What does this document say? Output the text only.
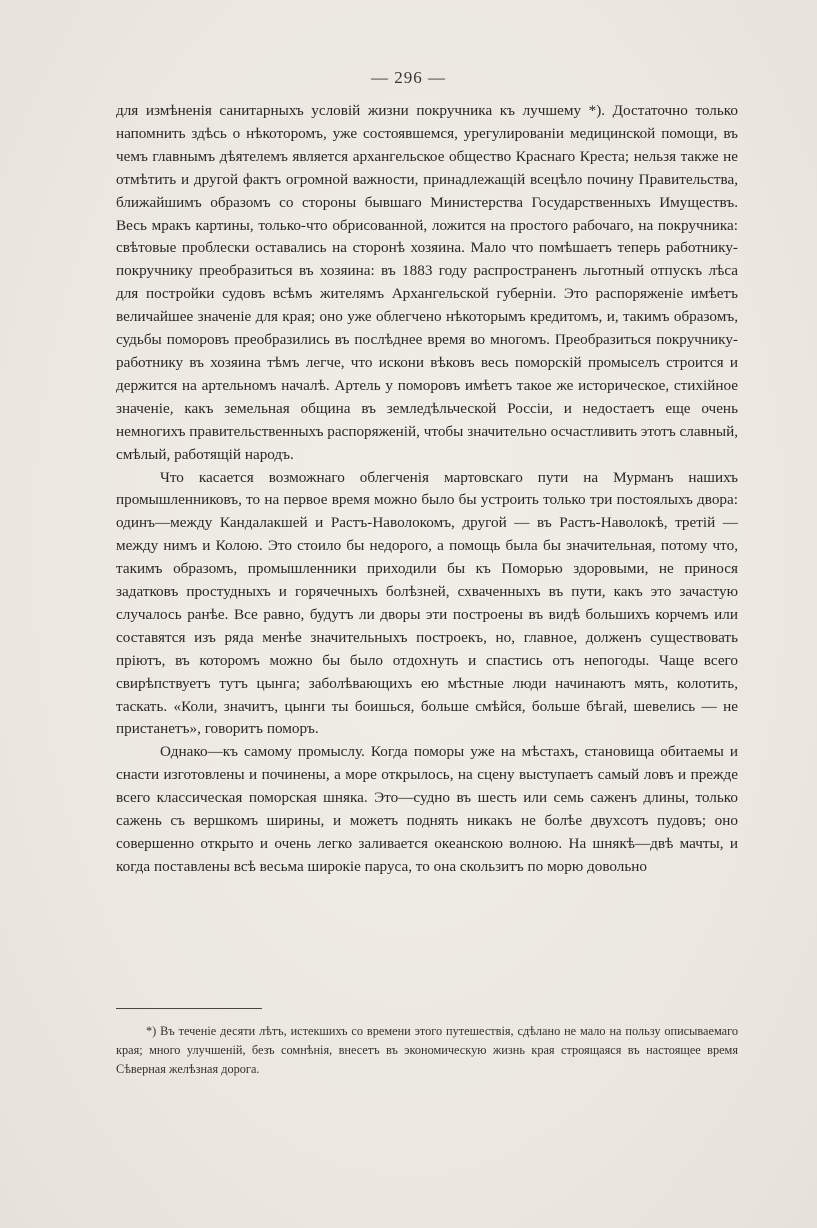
— 296 —

для измѣненія санитарныхъ условій жизни покручника къ лучшему *). Достаточно только напомнить здѣсь о нѣкоторомъ, уже состоявшемся, урегулированіи медицинской помощи, въ чемъ главнымъ дѣятелемъ является архангельское общество Краснаго Креста; нельзя также не отмѣтить и другой фактъ огромной важности, принадлежащій всецѣло почину Правительства, ближайшимъ образомъ со стороны бывшаго Министерства Государственныхъ Имуществъ. Весь мракъ картины, только-что обрисованной, ложится на простого рабочаго, на покручника: свѣтовые проблески оставались на сторонѣ хозяина. Мало что помѣшаетъ теперь работнику-покручнику преобразиться въ хозяина: въ 1883 году распространенъ льготный отпускъ лѣса для постройки судовъ всѣмъ жителямъ Архангельской губерніи. Это распоряженіе имѣетъ величайшее значеніе для края; оно уже облегчено нѣкоторымъ кредитомъ, и, такимъ образомъ, судьбы поморовъ преобразились въ послѣднее время во многомъ. Преобразиться покручнику-работнику въ хозяина тѣмъ легче, что искони вѣковъ весь поморскій промыселъ строится и держится на артельномъ началѣ. Артель у поморовъ имѣетъ такое же историческое, стихійное значеніе, какъ земельная община въ земледѣльческой Россіи, и недостаетъ еще очень немногихъ правительственныхъ распоряженій, чтобы значительно осчастливить этотъ славный, смѣлый, работящій народъ.

Что касается возможнаго облегченія мартовскаго пути на Мурманъ нашихъ промышленниковъ, то на первое время можно было бы устроить только три постоялыхъ двора: одинъ—между Кандалакшей и Растъ-Наволокомъ, другой — въ Растъ-Наволокѣ, третій — между нимъ и Колою. Это стоило бы недорого, а помощь была бы значительная, потому что, такимъ образомъ, промышленники приходили бы къ Поморью здоровыми, не принося задатковъ простудныхъ и горячечныхъ болѣзней, схваченныхъ въ пути, какъ это зачастую случалось ранѣе. Все равно, будутъ ли дворы эти построены въ видѣ большихъ корчемъ или составятся изъ ряда менѣе значительныхъ построекъ, но, главное, долженъ существовать пріютъ, въ которомъ можно бы было отдохнуть и спастись отъ непогоды. Чаще всего свирѣпствуетъ тутъ цынга; заболѣвающихъ ею мѣстные люди начинаютъ мять, колотить, таскать. «Коли, значитъ, цынги ты боишься, больше смѣйся, больше бѣгай, шевелись — не пристанетъ», говоритъ поморъ.

Однако—къ самому промыслу. Когда поморы уже на мѣстахъ, становища обитаемы и снасти изготовлены и починены, а море открылось, на сцену выступаетъ самый ловъ и прежде всего классическая поморская шняка. Это—судно въ шесть или семь саженъ длины, только сажень съ вершкомъ ширины, и можетъ поднять никакъ не болѣе двухсотъ пудовъ; оно совершенно открыто и очень легко заливается океанскою волною. На шнякѣ—двѣ мачты, и когда поставлены всѣ весьма широкіе паруса, то она скользитъ по морю довольно

*) Въ теченіе десяти лѣтъ, истекшихъ со времени этого путешествія, сдѣлано не мало на пользу описываемаго края; много улучшеній, безъ сомнѣнія, внесетъ въ экономическую жизнь края строящаяся въ настоящее время Сѣверная желѣзная дорога.
